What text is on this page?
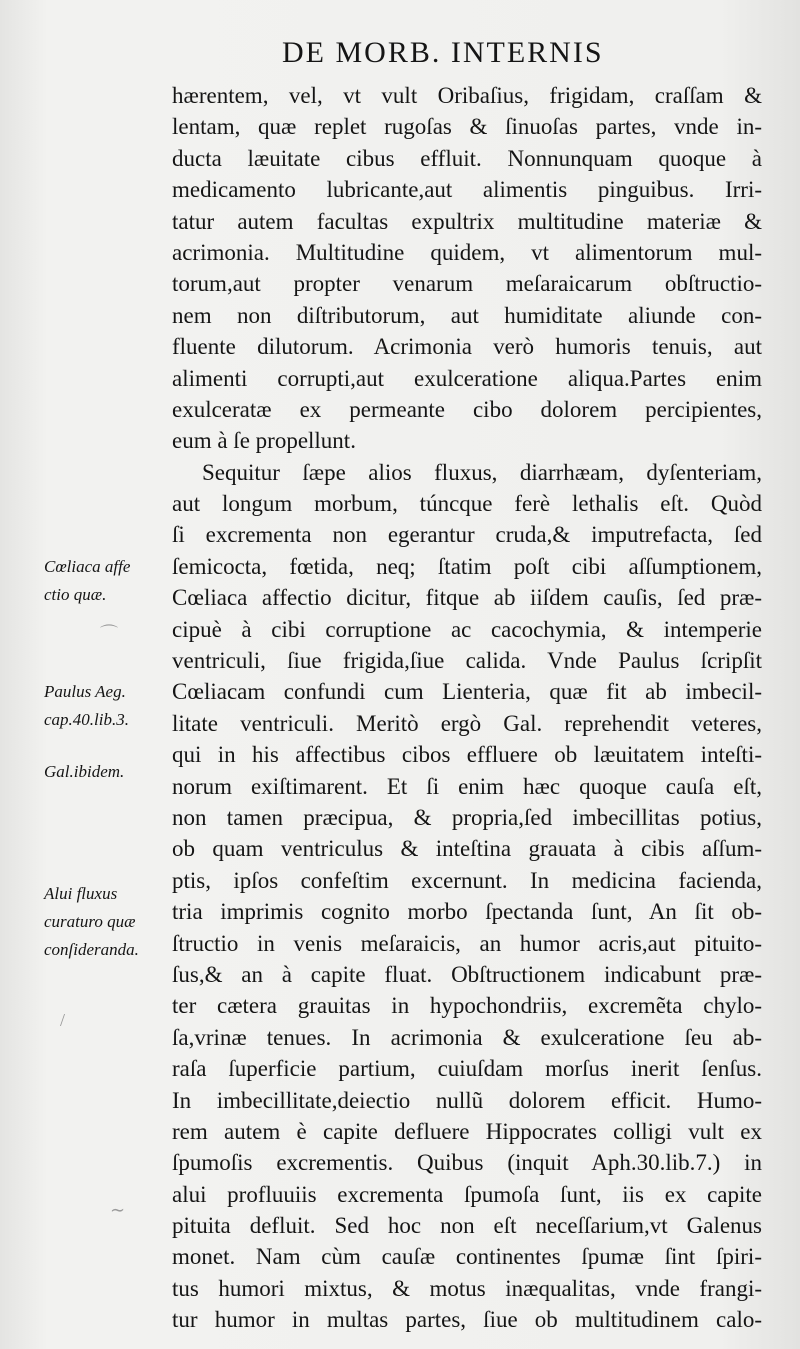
DE MORB. INTERNIS
hærentem, vel, vt vult Oribaſius, frigidam, craſſam &
lentam, quæ replet rugoſas & ſinuoſas partes, vnde in-
ducta læuitate cibus effluit. Nonnunquam quoque à
medicamento lubricante,aut alimentis pinguibus. Irri-
tatur autem facultas expultrix multitudine materiæ &
acrimonia. Multitudine quidem, vt alimentorum mul-
torum,aut propter venarum meſaraicarum obſtructio-
nem non diſtributorum, aut humiditate aliunde con-
fluente dilutorum. Acrimonia verò humoris tenuis, aut
alimenti corrupti,aut exulceratione aliqua.Partes enim
exulceratæ ex permeante cibo dolorem percipientes,
eum à ſe propellunt.
Sequitur ſæpe alios fluxus, diarrhæam, dyſenteriam,
aut longum morbum, túncque ferè lethalis eſt. Quòd
ſi excrementa non egerantur cruda,& imputrefacta, ſed
ſemicocta, fœtida, neq; ſtatim poſt cibi aſſumptionem,
Cœliaca affectio dicitur, fitque ab iiſdem cauſis, ſed præ-
cipuè à cibi corruptione ac cacochymia, & intemperie
ventriculi, ſiue frigida,ſiue calida. Vnde Paulus ſcripſit
Cœliacam confundi cum Lienteria, quæ fit ab imbecil-
litate ventriculi. Meritò ergò Gal. reprehendit veteres,
qui in his affectibus cibos effluere ob læuitatem inteſti-
norum exiſtimarent. Et ſi enim hæc quoque cauſa eſt,
non tamen præcipua, & propria,ſed imbecillitas potius,
ob quam ventriculus & inteſtina grauata à cibis aſſum-
ptis, ipſos confeſtim excernunt. In medicina facienda,
tria imprimis cognito morbo ſpectanda ſunt, An ſit ob-
ſtructio in venis meſaraicis, an humor acris,aut pituito-
ſus,& an à capite fluat. Obſtructionem indicabunt præ-
ter cætera grauitas in hypochondriis, excremẽta chylo-
ſa,vrinæ tenues. In acrimonia & exulceratione ſeu ab-
raſa ſuperficie partium, cuiuſdam morſus inerit ſenſus.
In imbecillitate,deiectio nullũ dolorem efficit. Humo-
rem autem è capite defluere Hippocrates colligi vult ex
ſpumoſis excrementis. Quibus (inquit Aph.30.lib.7.) in
alui profluuiis excrementa ſpumoſa ſunt, iis ex capite
pituita defluit. Sed hoc non eſt neceſſarium,vt Galenus
monet. Nam cùm cauſæ continentes ſpumæ ſint ſpiri-
tus humori mixtus, & motus inæqualitas, vnde frangi-
tur humor in multas partes, ſiue ob multitudinem calo-
Cœliaca affe
ctio quæ.
Paulus Aeg.
cap.40.lib.3.
Gal.ibidem.
Alui fluxus
curaturo quæ
conſideranda.
⌒
/
∼
